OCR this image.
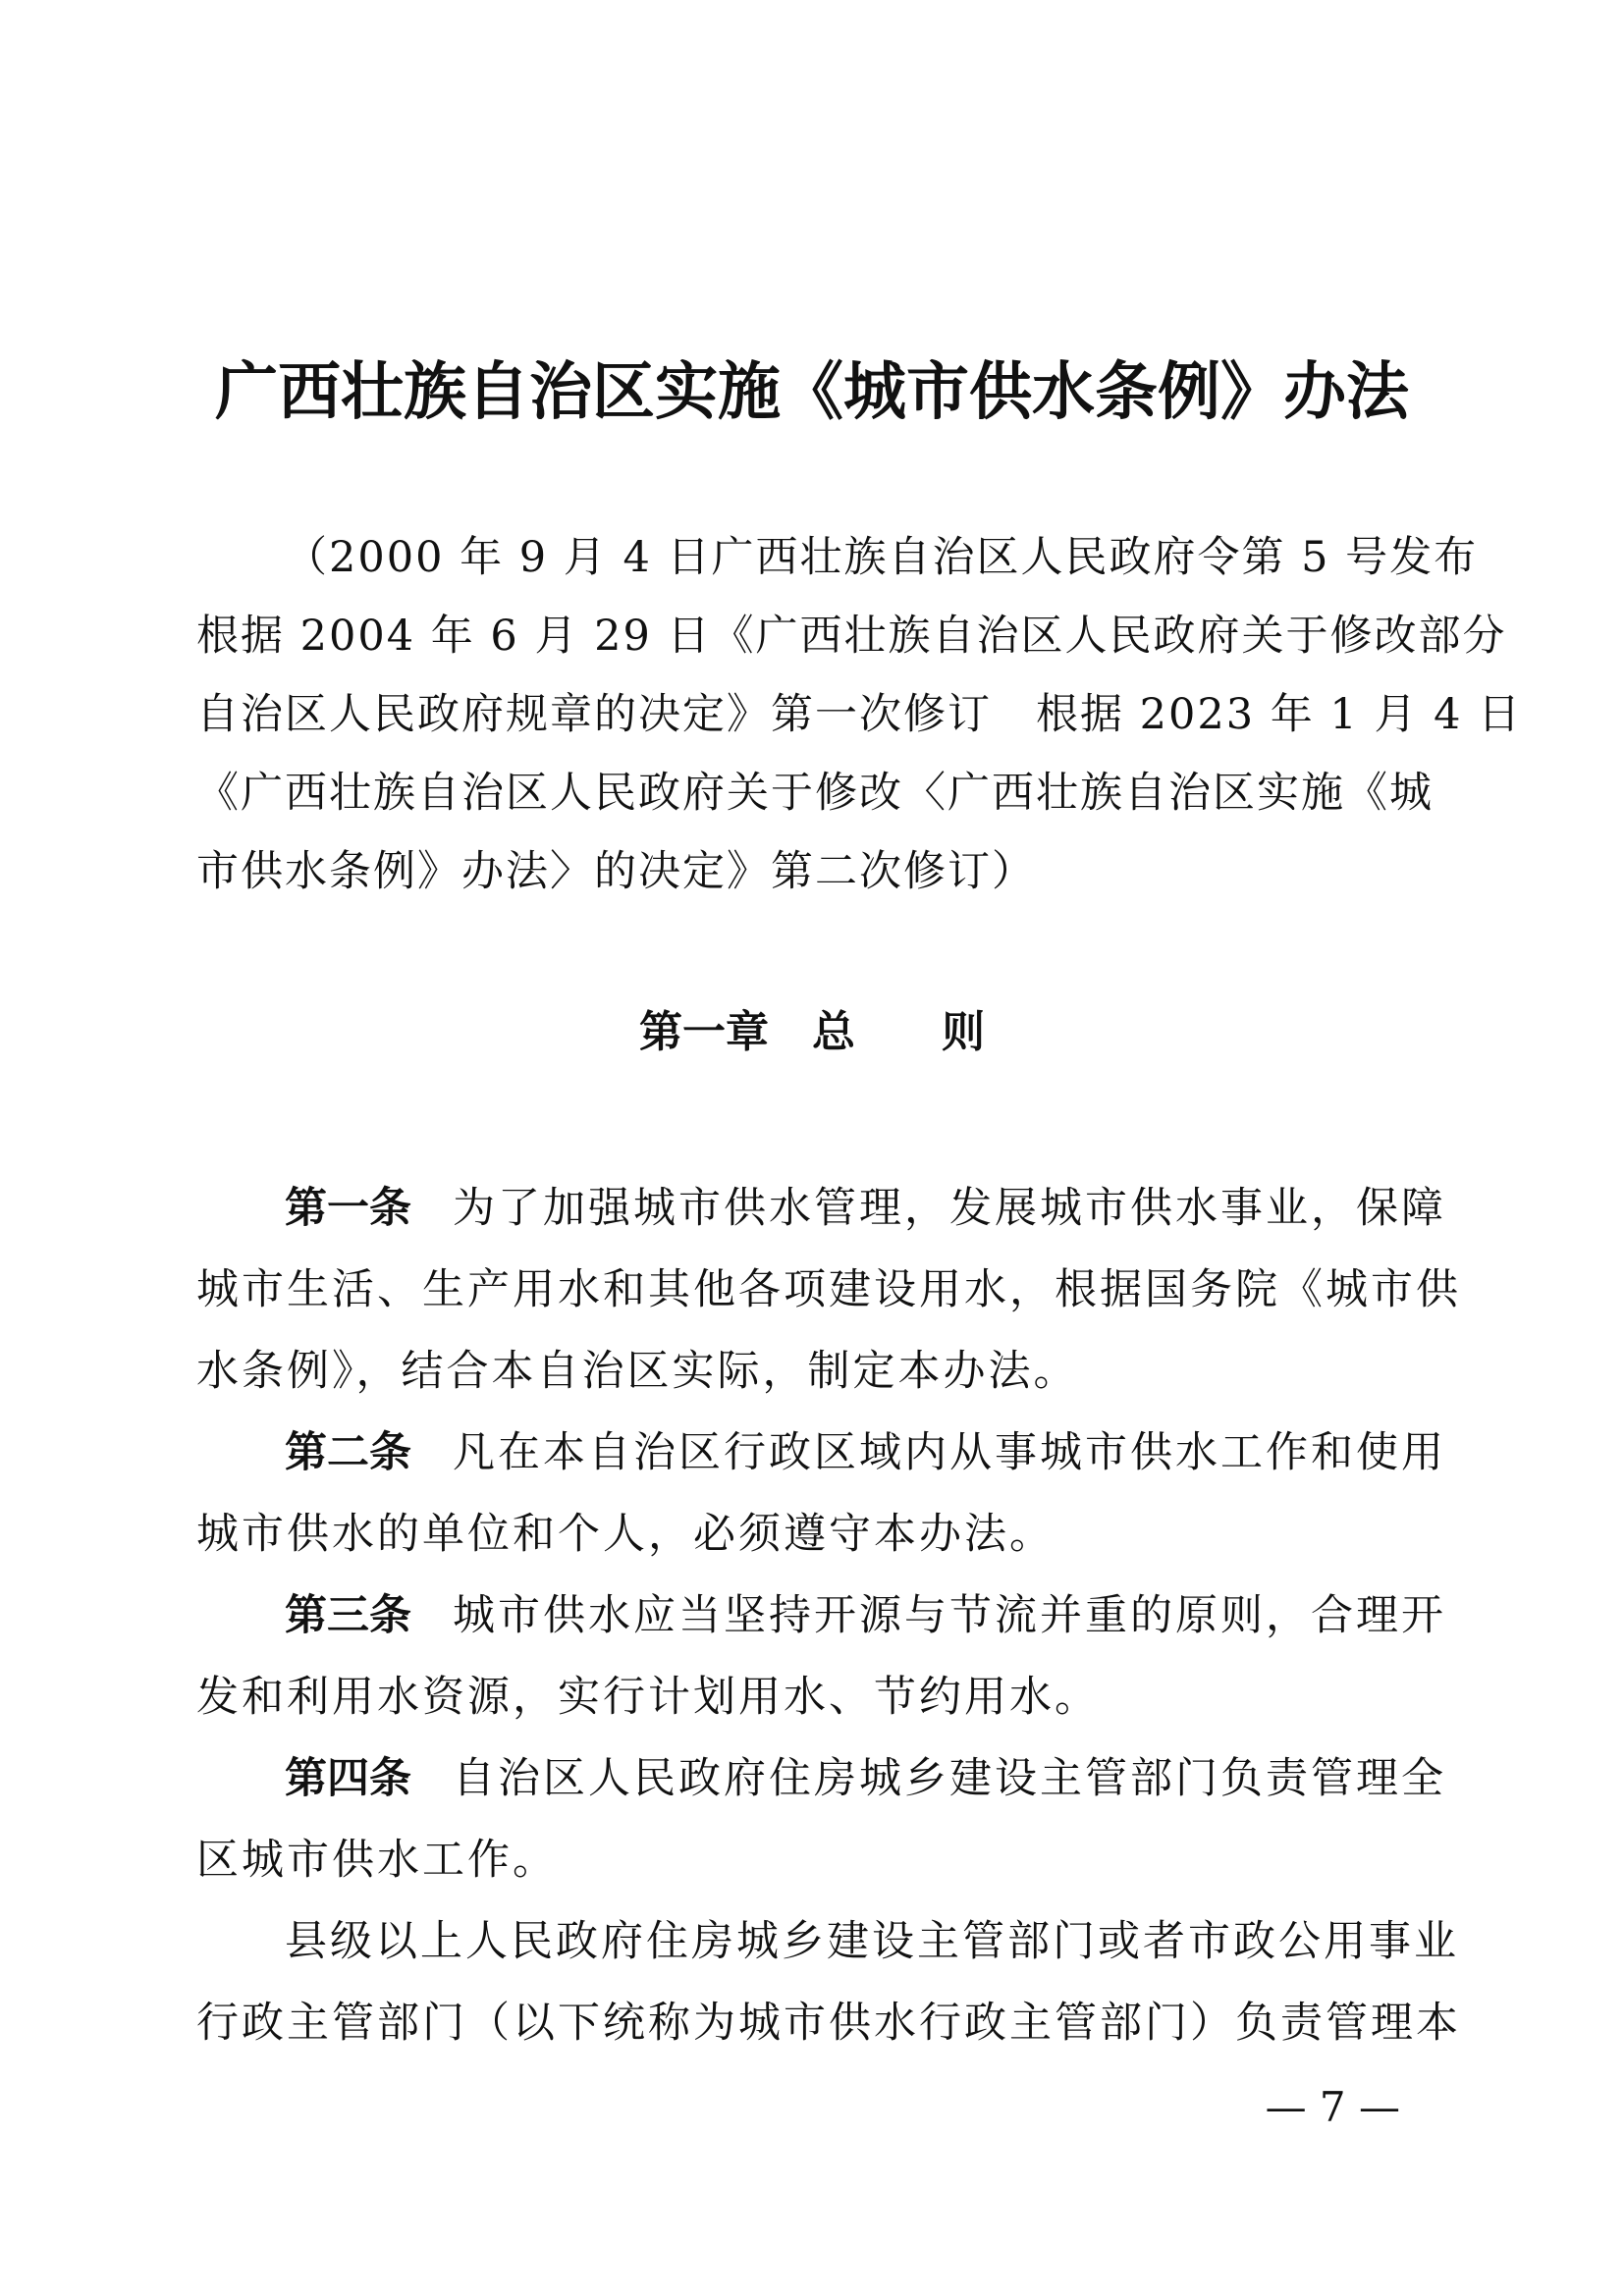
广西壮族自治区实施《城市供水条例》办法
（2000 年 9 月 4 日广西壮族自治区人民政府令第 5 号发布
根据 2004 年 6 月 29 日《广西壮族自治区人民政府关于修改部分
自治区人民政府规章的决定》第一次修订　根据 2023 年 1 月 4 日
《广西壮族自治区人民政府关于修改〈广西壮族自治区实施《城
市供水条例》办法〉的决定》第二次修订）
第一章　 总　　则
第一条 为了加强城市供水管理，发展城市供水事业，保障
城市生活、生产用水和其他各项建设用水，根据国务院《城市供
水条例》，结合本自治区实际，制定本办法。
第二条 凡在本自治区行政区域内从事城市供水工作和使用
城市供水的单位和个人，必须遵守本办法。
第三条 城市供水应当坚持开源与节流并重的原则，合理开
发和利用水资源，实行计划用水、节约用水。
第四条 自治区人民政府住房城乡建设主管部门负责管理全
区城市供水工作。
县级以上人民政府住房城乡建设主管部门或者市政公用事业
行政主管部门（以下统称为城市供水行政主管部门）负责管理本
— 7 —
